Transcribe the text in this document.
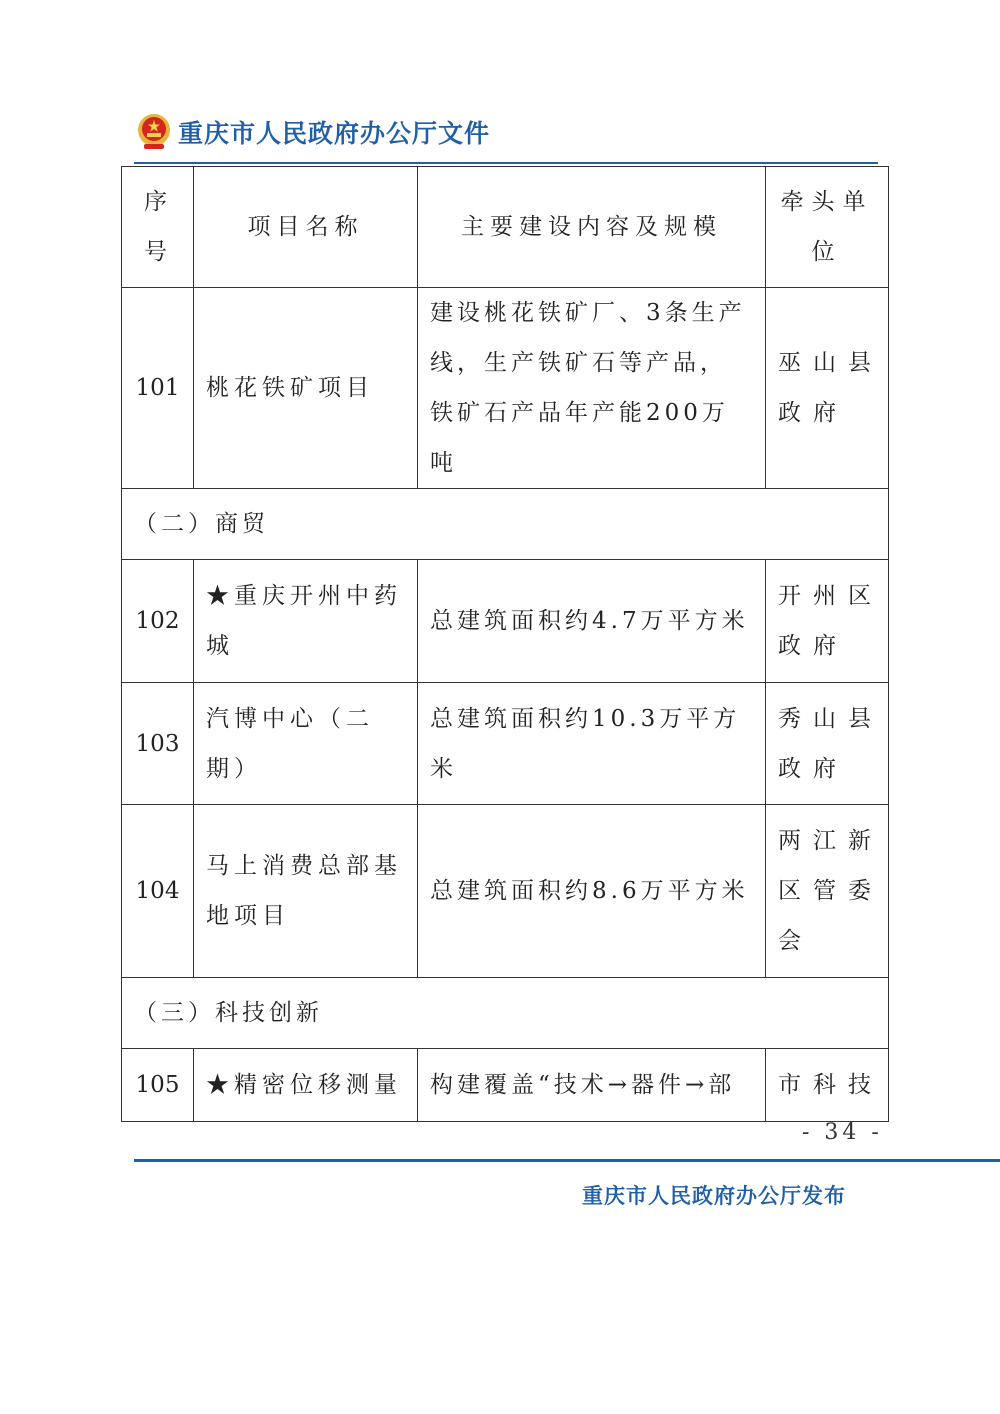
重庆市人民政府办公厅文件
序号	项目名称	主要建设内容及规模	牵头单位
101	桃花铁矿项目	建设桃花铁矿厂、3条生产线，生产铁矿石等产品，铁矿石产品年产能200万吨	巫山县政府
（二）商贸			
102	★重庆开州中药城	总建筑面积约4.7万平方米	开州区政府
103	汽博中心（二期）	总建筑面积约10.3万平方米	秀山县政府
104	马上消费总部基地项目	总建筑面积约8.6万平方米	两江新区管委会
（三）科技创新			
105	★精密位移测量	构建覆盖“技术→器件→部	市科技
- 34 -
重庆市人民政府办公厅发布
